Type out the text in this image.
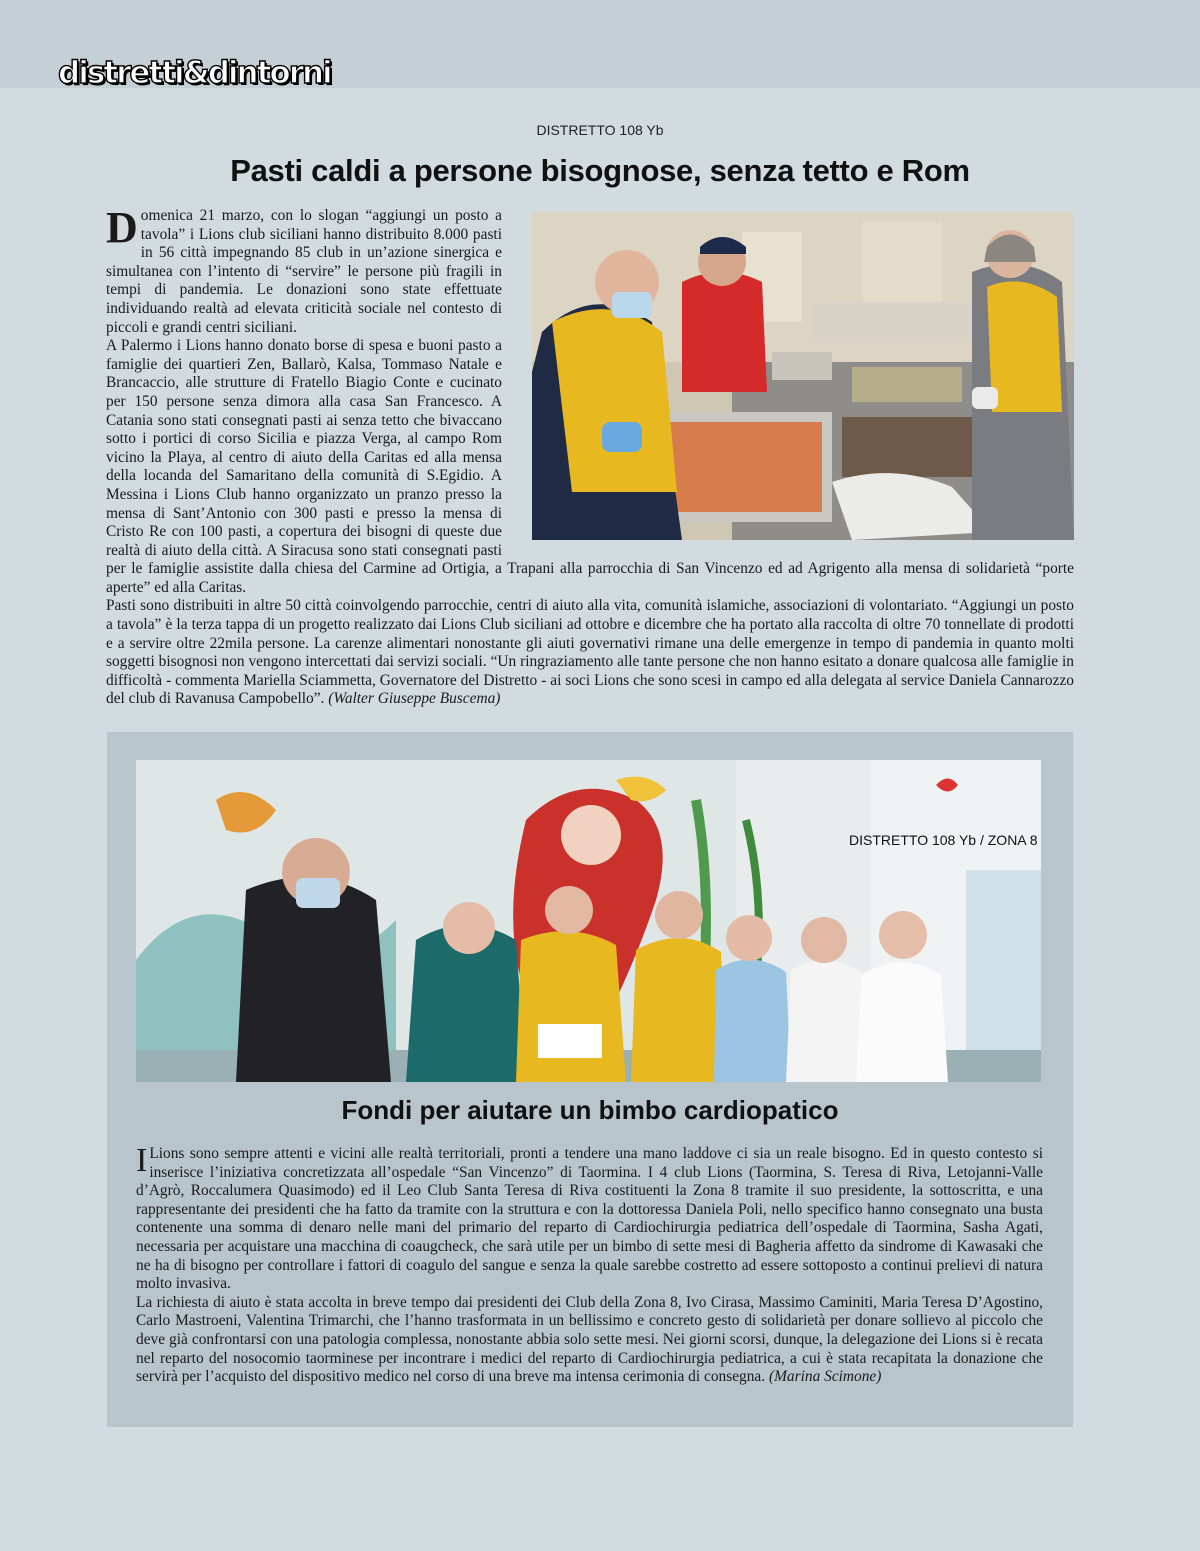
distretti&dintorni
DISTRETTO 108 Yb
Pasti caldi a persone bisognose, senza tetto e Rom

Domenica 21 marzo, con lo slogan “aggiungi un posto a tavola” i Lions club siciliani hanno distribuito 8.000 pasti in 56 città impegnando 85 club in un’azione sinergica e simultanea con l’intento di “servire” le persone più fragili in tempi di pandemia. Le donazioni sono state effettuate individuando realtà ad elevata criticità sociale nel contesto di piccoli e grandi centri siciliani.

A Palermo i Lions hanno donato borse di spesa e buoni pasto a famiglie dei quartieri Zen, Ballarò, Kalsa, Tommaso Natale e Brancaccio, alle strutture di Fratello Biagio Conte e cucinato per 150 persone senza dimora alla casa San Francesco. A Catania sono stati consegnati pasti ai senza tetto che bivaccano sotto i portici di corso Sicilia e piazza Verga, al campo Rom vicino la Playa, al centro di aiuto della Caritas ed alla mensa della locanda del Samaritano della comunità di S.Egidio. A Messina i Lions Club hanno organizzato un pranzo presso la mensa di Sant’Antonio con 300 pasti e presso la mensa di Cristo Re con 100 pasti, a copertura dei bisogni di queste due realtà di aiuto della città. A Siracusa sono stati consegnati pasti per le famiglie assistite dalla chiesa del Carmine ad Ortigia, a Trapani alla parrocchia di San Vincenzo ed ad Agrigento alla mensa di solidarietà “porte aperte” ed alla Caritas.

Pasti sono distribuiti in altre 50 città coinvolgendo parrocchie, centri di aiuto alla vita, comunità islamiche, associazioni di volontariato. “Aggiungi un posto a tavola” è la terza tappa di un progetto realizzato dai Lions Club siciliani ad ottobre e dicembre che ha portato alla raccolta di oltre 70 tonnellate di prodotti e a servire oltre 22mila persone. La carenze alimentari nonostante gli aiuti governativi rimane una delle emergenze in tempo di pandemia in quanto molti soggetti bisognosi non vengono intercettati dai servizi sociali. “Un ringraziamento alle tante persone che non hanno esitato a donare qualcosa alle famiglie in difficoltà - commenta Mariella Sciammetta, Governatore del Distretto - ai soci Lions che sono scesi in campo ed alla delegata al service Daniela Cannarozzo del club di Ravanusa Campobello”. (Walter Giuseppe Buscema)

DISTRETTO 108 Yb / ZONA 8
Fondi per aiutare un bimbo cardiopatico

I Lions sono sempre attenti e vicini alle realtà territoriali, pronti a tendere una mano laddove ci sia un reale bisogno. Ed in questo contesto si inserisce l’iniziativa concretizzata all’ospedale “San Vincenzo” di Taormina. I 4 club Lions (Taormina, S. Teresa di Riva, Letojanni-Valle d’Agrò, Roccalumera Quasimodo) ed il Leo Club Santa Teresa di Riva costituenti la Zona 8 tramite il suo presidente, la sottoscritta, e una rappresentante dei presidenti che ha fatto da tramite con la struttura e con la dottoressa Daniela Poli, nello specifico hanno consegnato una busta contenente una somma di denaro nelle mani del primario del reparto di Cardiochirurgia pediatrica dell’ospedale di Taormina, Sasha Agati, necessaria per acquistare una macchina di coaugcheck, che sarà utile per un bimbo di sette mesi di Bagheria affetto da sindrome di Kawasaki che ne ha di bisogno per controllare i fattori di coagulo del sangue e senza la quale sarebbe costretto ad essere sottoposto a continui prelievi di natura molto invasiva.

La richiesta di aiuto è stata accolta in breve tempo dai presidenti dei Club della Zona 8, Ivo Cirasa, Massimo Caminiti, Maria Teresa D’Agostino, Carlo Mastroeni, Valentina Trimarchi, che l’hanno trasformata in un bellissimo e concreto gesto di solidarietà per donare sollievo al piccolo che deve già confrontarsi con una patologia complessa, nonostante abbia solo sette mesi. Nei giorni scorsi, dunque, la delegazione dei Lions si è recata nel reparto del nosocomio taorminese per incontrare i medici del reparto di Cardiochirurgia pediatrica, a cui è stata recapitata la donazione che servirà per l’acquisto del dispositivo medico nel corso di una breve ma intensa cerimonia di consegna. (Marina Scimone)
